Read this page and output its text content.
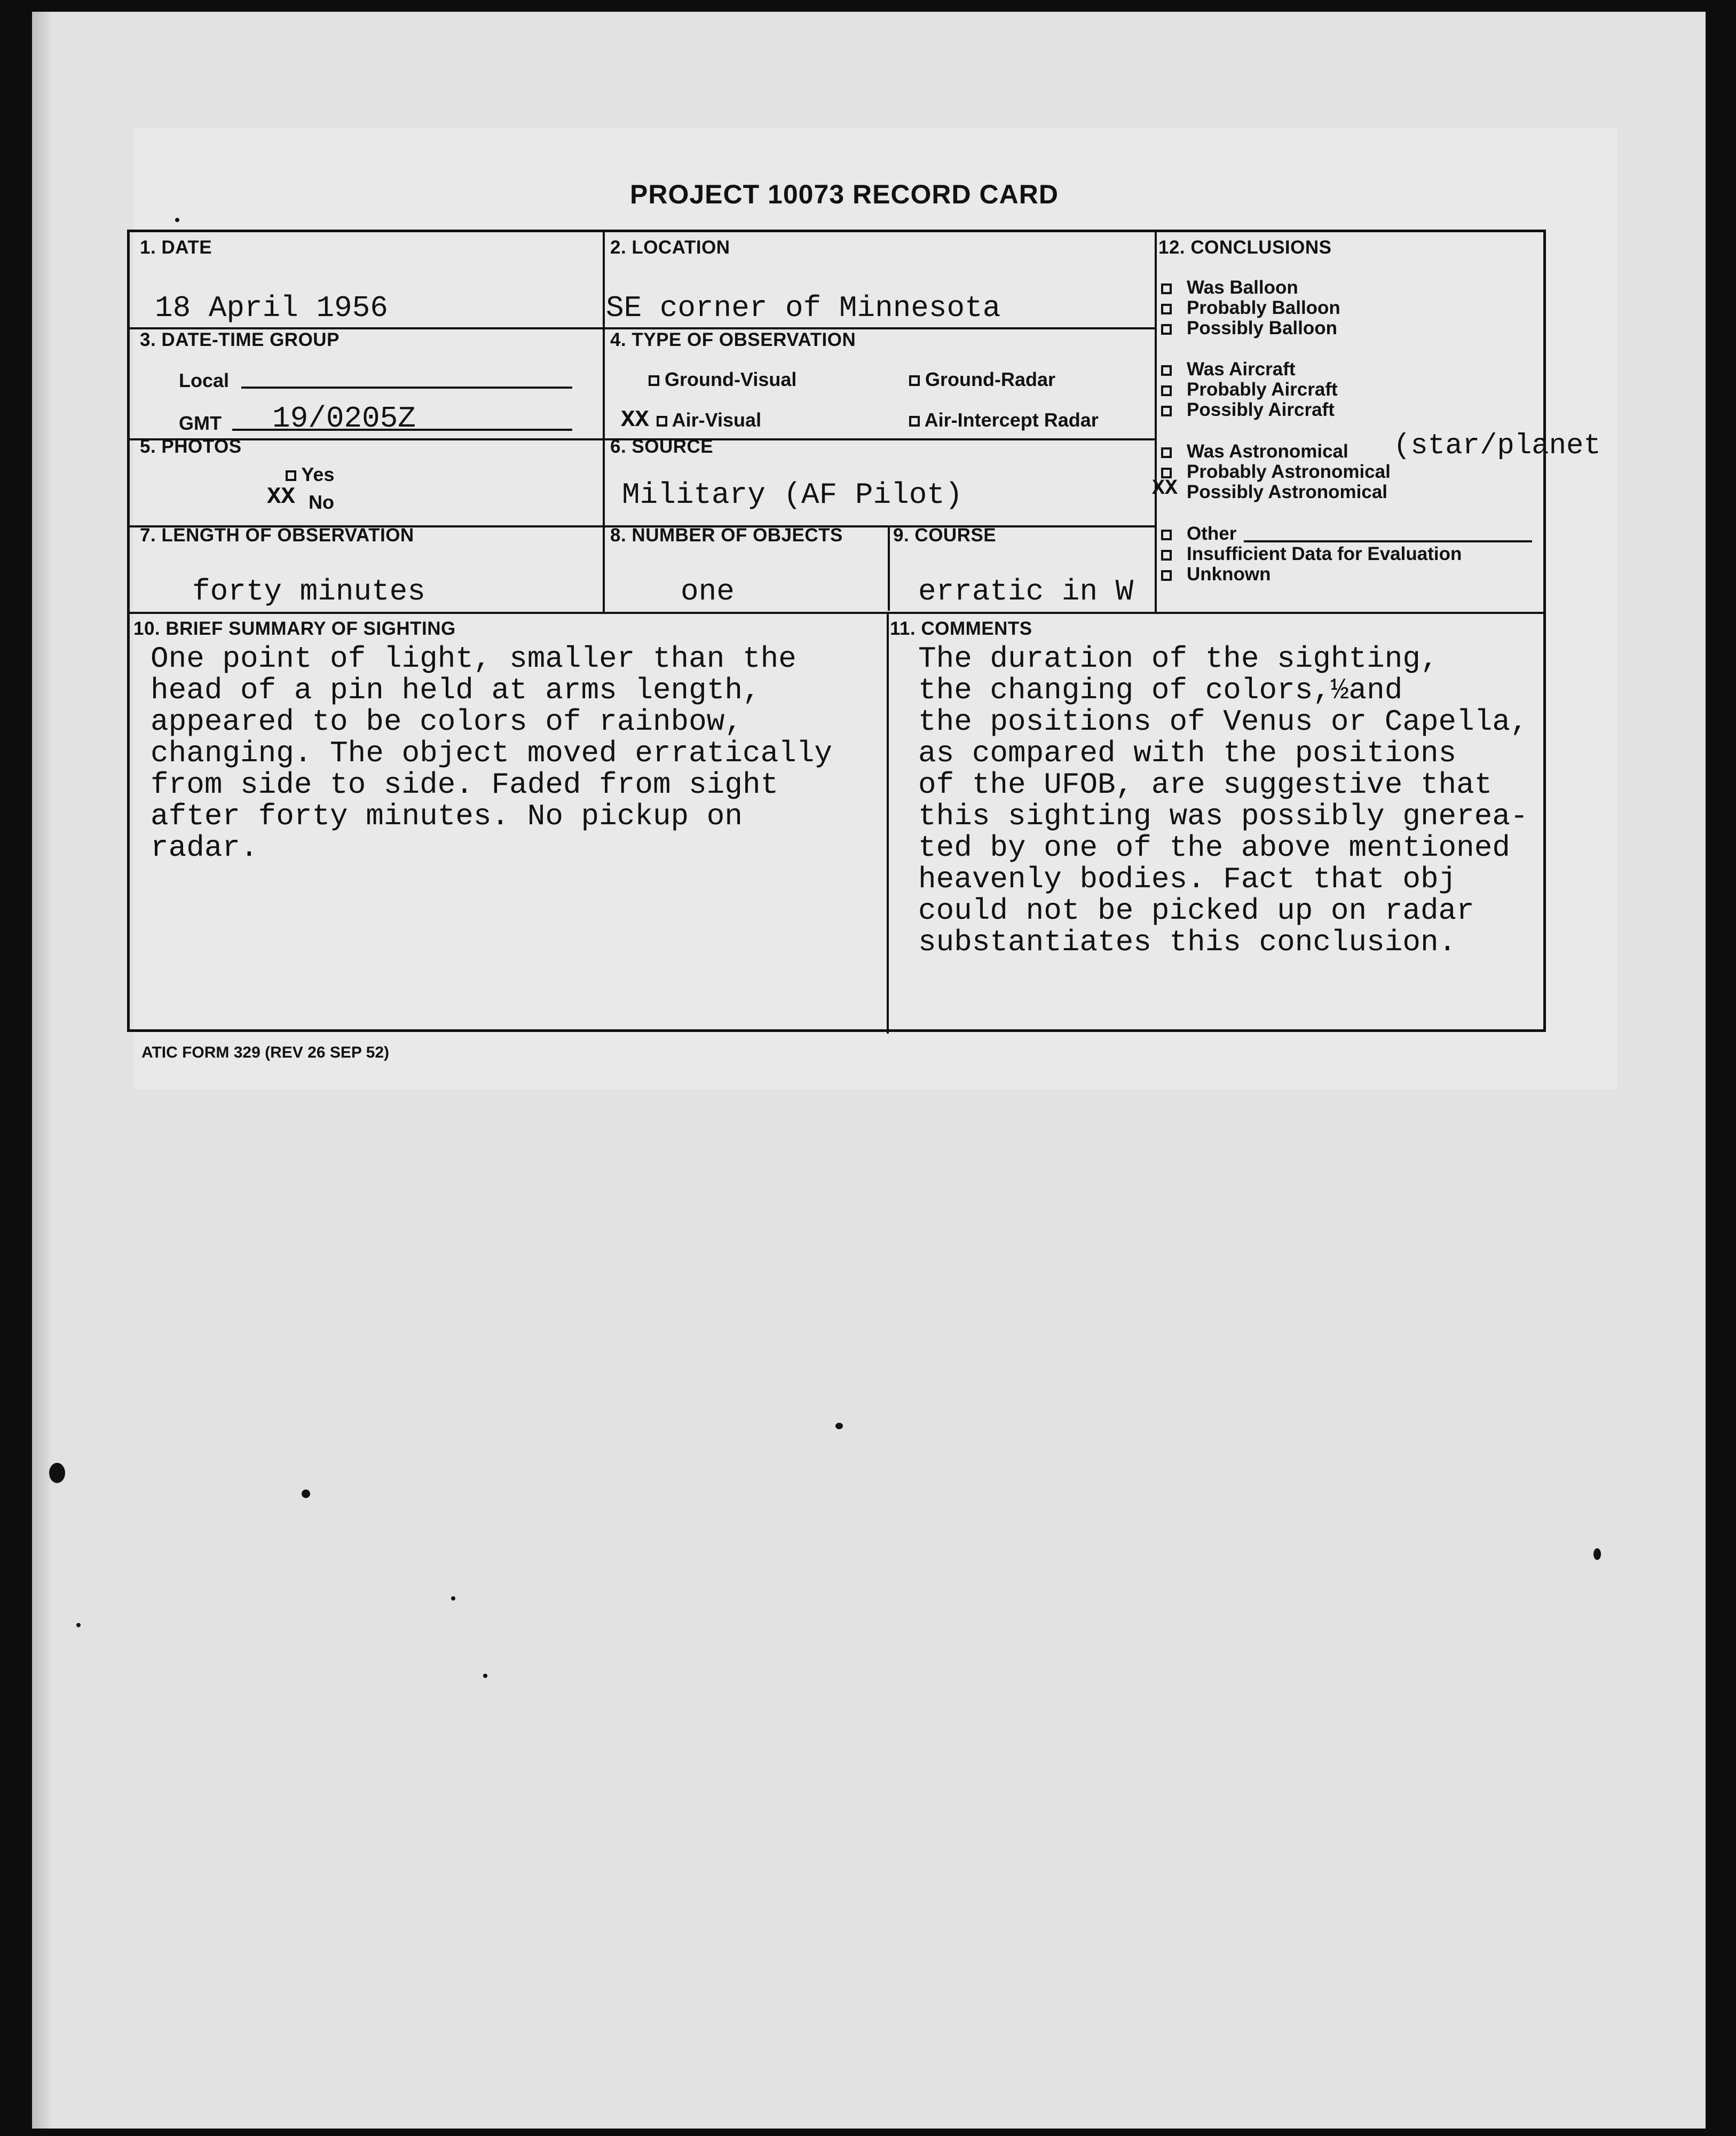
PROJECT 10073 RECORD CARD
1. DATE
18 April 1956
2. LOCATION
SE corner of Minnesota
3. DATE-TIME GROUP
Local
GMT 19/0205Z
4. TYPE OF OBSERVATION
Ground-Visual	Ground-Radar
XX	Air-Visual	Air-Intercept Radar
5. PHOTOS
Yes
XX No
6. SOURCE
Military (AF Pilot)
7. LENGTH OF OBSERVATION
forty minutes
8. NUMBER OF OBJECTS
one
9. COURSE
erratic in W
10. BRIEF SUMMARY OF SIGHTING
One point of light, smaller than the
head of a pin held at arms length,
appeared to be colors of rainbow,
changing. The object moved erratically
from side to side. Faded from sight
after forty minutes. No pickup on
radar.
11. COMMENTS
The duration of the sighting,
the changing of colors,½and
the positions of Venus or Capella,
as compared with the positions
of the UFOB, are suggestive that
this sighting was possibly gnerea-
ted by one of the above mentioned
heavenly bodies. Fact that obj
could not be picked up on radar
substantiates this conclusion.
12. CONCLUSIONS
Was Balloon
Probably Balloon
Possibly Balloon
Was Aircraft
Probably Aircraft
Possibly Aircraft
Was Astronomical (star/planet
Probably Astronomical
XX Possibly Astronomical
Other
Insufficient Data for Evaluation
Unknown
ATIC FORM 329 (REV 26 SEP 52)
